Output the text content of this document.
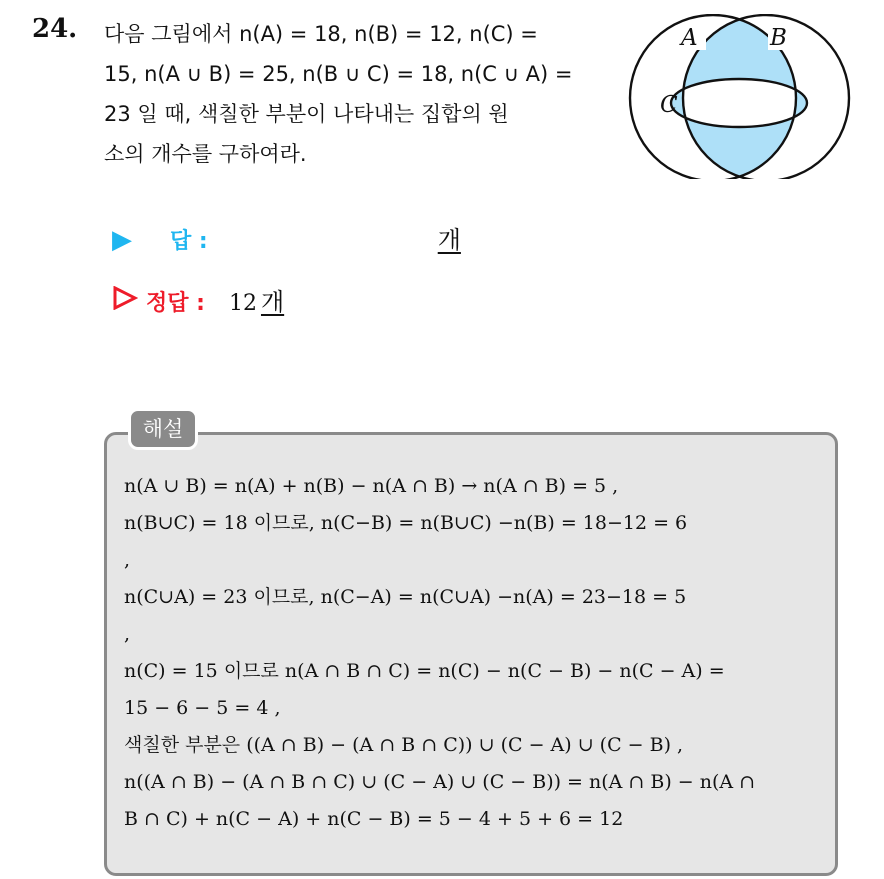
24. 다음 그림에서 n(A) = 18, n(B) = 12, n(C) =
15, n(A ∪ B) = 25, n(B ∪ C) = 18, n(C ∪ A) =
23 일 때, 색칠한 부분이 나타내는 집합의 원
소의 개수를 구하여라.
A	B
C
▶	답 :	개
정답 : 12 개
해설
n(A ∪ B) = n(A) + n(B) − n(A ∩ B) → n(A ∩ B) = 5 ,
n(B∪C) = 18 이므로, n(C−B) = n(B∪C) −n(B) = 18−12 = 6
,
n(C∪A) = 23 이므로, n(C−A) = n(C∪A) −n(A) = 23−18 = 5
,
n(C) = 15 이므로 n(A ∩ B ∩ C) = n(C) − n(C − B) − n(C − A) =
15 − 6 − 5 = 4 ,
색칠한 부분은 ((A ∩ B) − (A ∩ B ∩ C)) ∪ (C − A) ∪ (C − B) ,
n((A ∩ B) − (A ∩ B ∩ C) ∪ (C − A) ∪ (C − B)) = n(A ∩ B) − n(A ∩
B ∩ C) + n(C − A) + n(C − B) = 5 − 4 + 5 + 6 = 12
